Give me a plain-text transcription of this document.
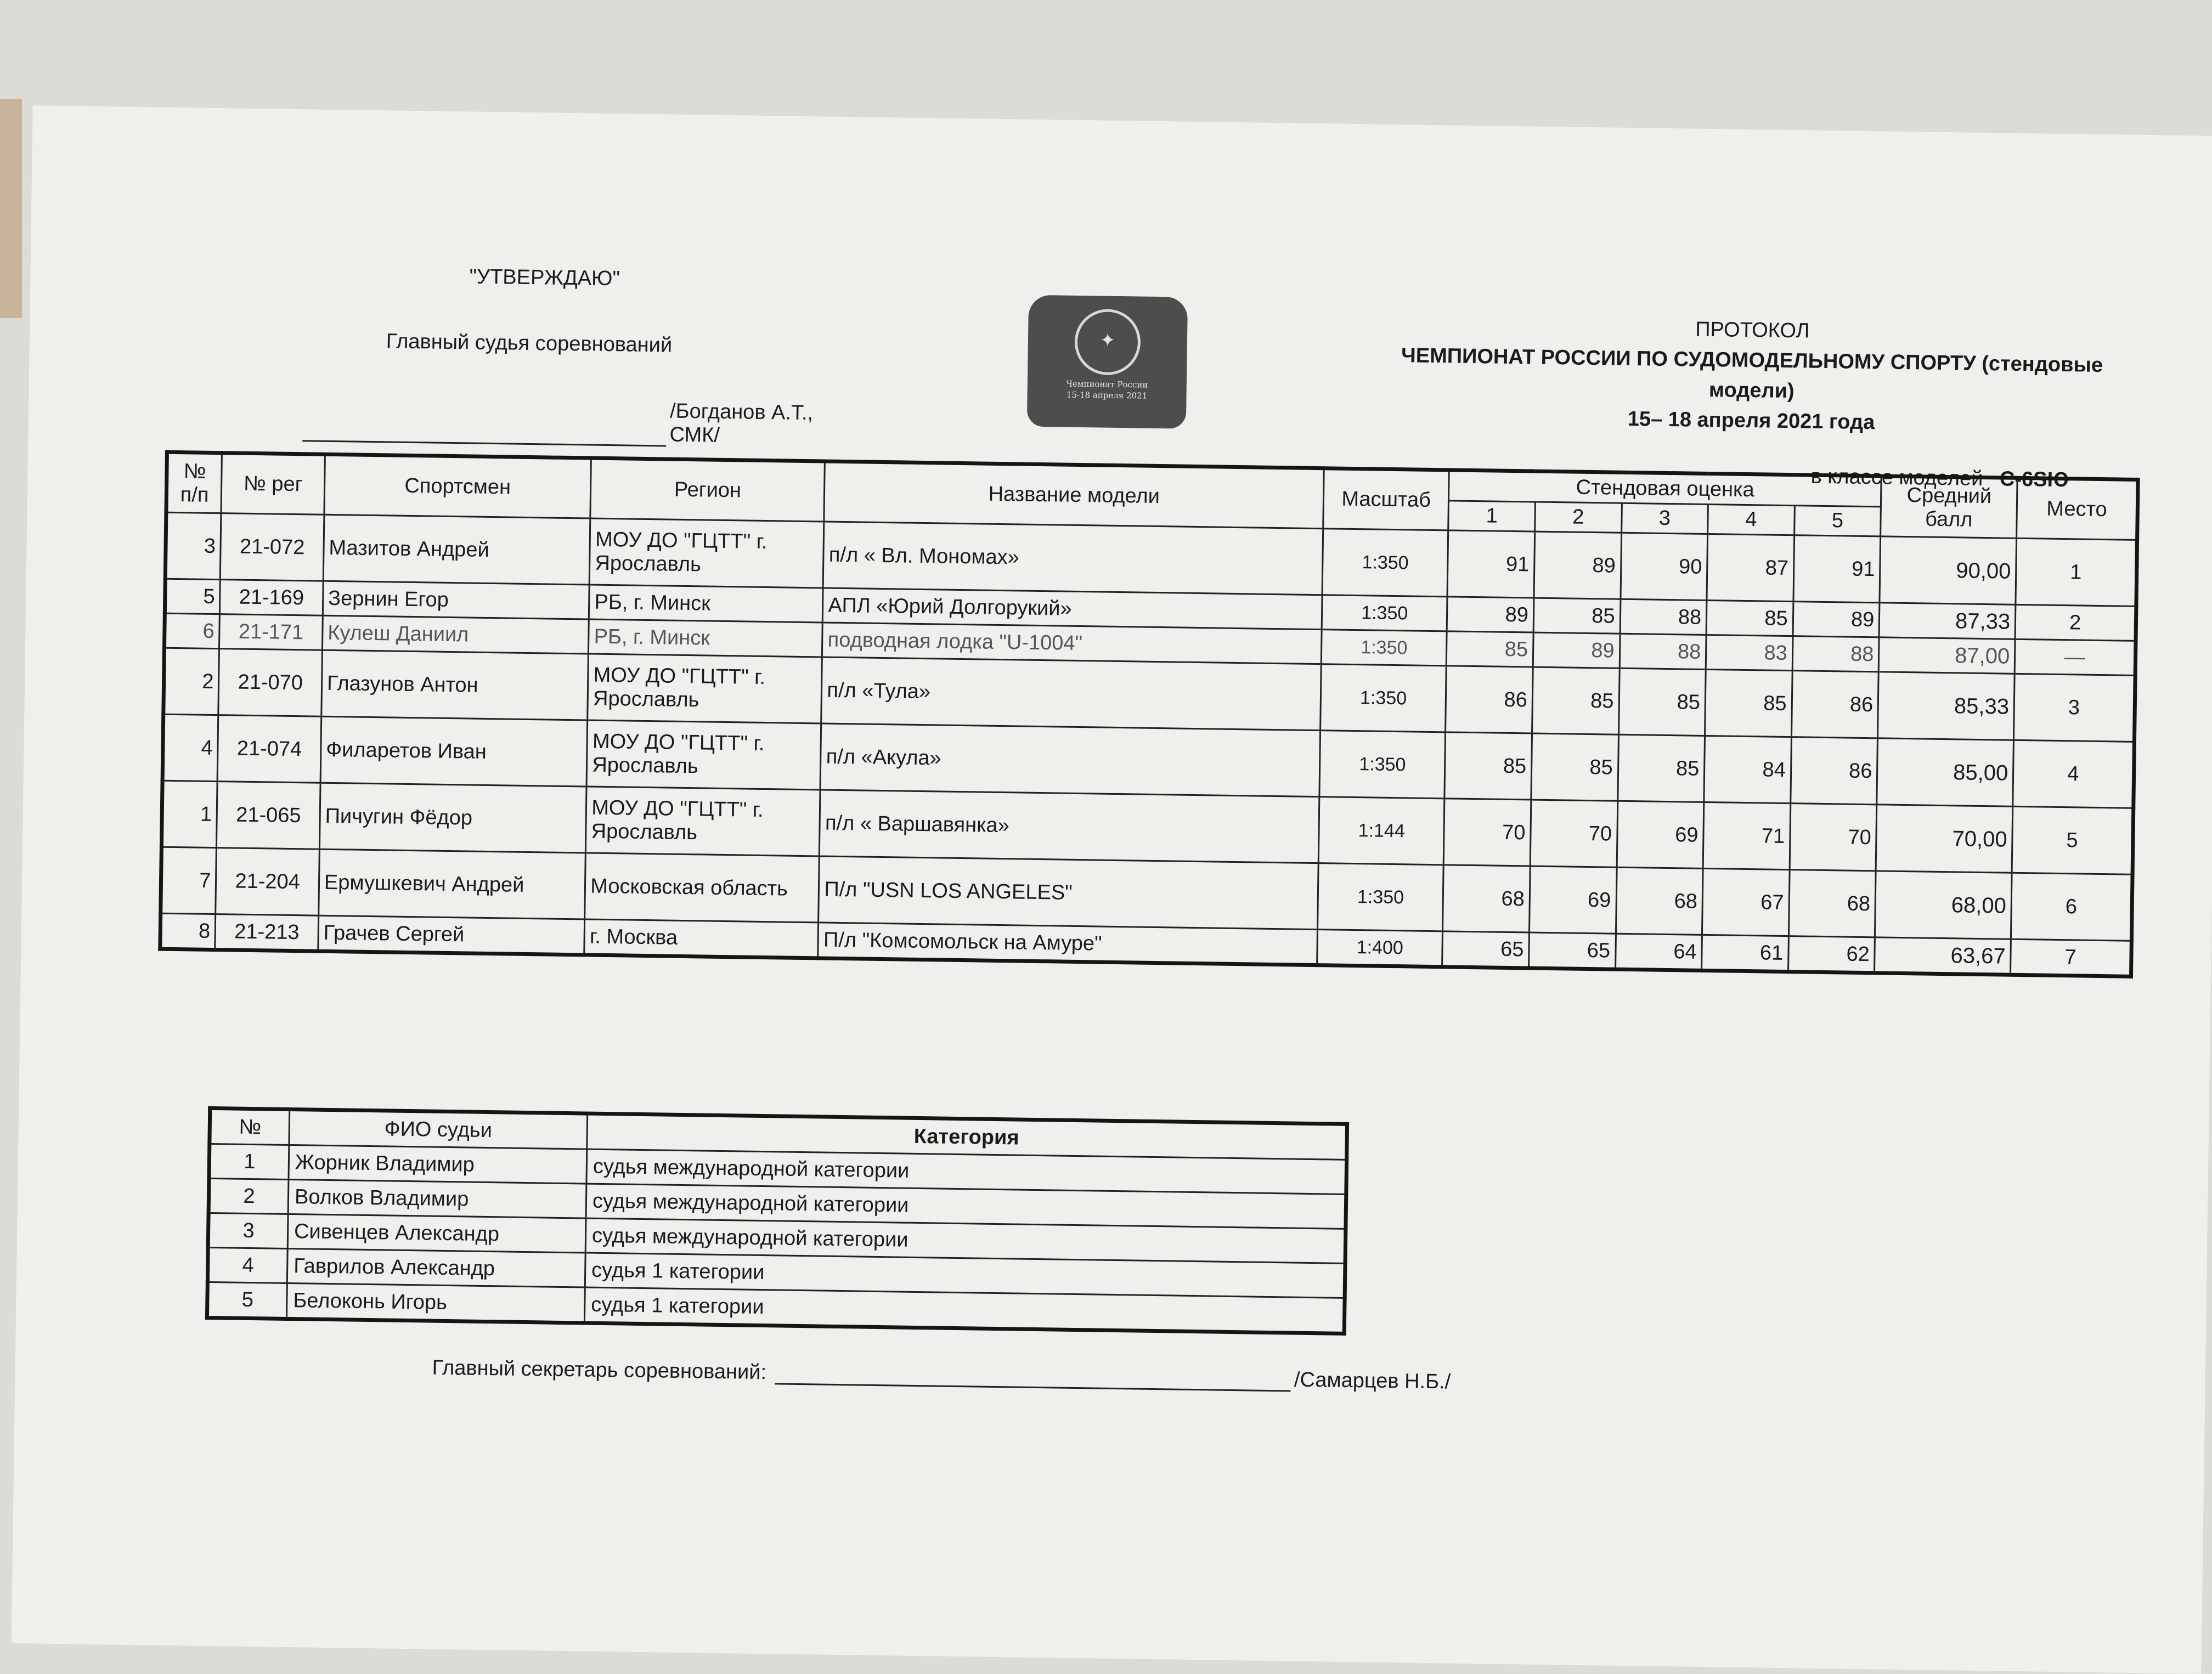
"УТВЕРЖДАЮ"
Главный судья соревнований
/Богданов А.Т., СМК/
✦
Чемпионат России
15-18 апреля 2021
ПРОТОКОЛ
ЧЕМПИОНАТ РОССИИ ПО СУДОМОДЕЛЬНОМУ СПОРТУ (стендовые
модели)
15– 18 апреля 2021 года
в классе моделей С-6SЮ
№ п/п	№ рег	Спортсмен	Регион	Название модели	Масштаб	Стендовая оценка					Средний балл	Место
						1	2	3	4	5		
3	21-072	Мазитов Андрей	МОУ ДО "ГЦТТ" г. Ярославль	п/л « Вл. Мономах»	1:350	91	89	90	87	91	90,00	1
5	21-169	Зернин Егор	РБ, г. Минск	АПЛ «Юрий Долгорукий»	1:350	89	85	88	85	89	87,33	2
6	21-171	Кулеш Даниил	РБ, г. Минск	подводная лодка "U-1004"	1:350	85	89	88	83	88	87,00	—
2	21-070	Глазунов Антон	МОУ ДО "ГЦТТ" г. Ярославль	п/л «Тула»	1:350	86	85	85	85	86	85,33	3
4	21-074	Филаретов Иван	МОУ ДО "ГЦТТ" г. Ярославль	п/л «Акула»	1:350	85	85	85	84	86	85,00	4
1	21-065	Пичугин Фёдор	МОУ ДО "ГЦТТ" г. Ярославль	п/л « Варшавянка»	1:144	70	70	69	71	70	70,00	5
7	21-204	Ермушкевич Андрей	Московская область	П/л "USN LOS ANGELES"	1:350	68	69	68	67	68	68,00	6
8	21-213	Грачев Сергей	г. Москва	П/л "Комсомольск на Амуре"	1:400	65	65	64	61	62	63,67	7
№	ФИО судьи	Категория
1	Жорник Владимир	судья международной категории
2	Волков Владимир	судья международной категории
3	Сивенцев Александр	судья международной категории
4	Гаврилов Александр	судья 1 категории
5	Белоконь Игорь	судья 1 категории
Главный секретарь соревнований:	/Самарцев Н.Б./
